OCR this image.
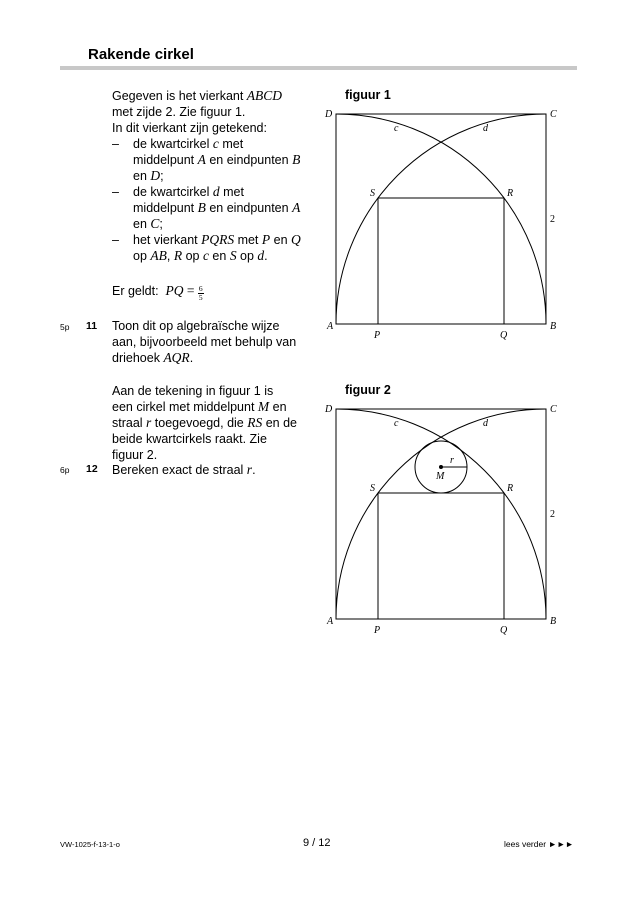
Rakende cirkel
Gegeven is het vierkant ABCD
met zijde 2. Zie figuur 1.
In dit vierkant zijn getekend:
–	de kwartcirkel c met
middelpunt A en eindpunten B
en D;
–	de kwartcirkel d met
middelpunt B en eindpunten A
en C;
–	het vierkant PQRS met P en Q
op AB, R op c en S op d.
Er geldt: PQ = $\frac{6}{5}$
5p 11 Toon dit op algebraïsche wijze
aan, bijvoorbeeld met behulp van
driehoek AQR.
Aan de tekening in figuur 1 is
een cirkel met middelpunt M en
straal r toegevoegd, die RS en de
beide kwartcirkels raakt. Zie
figuur 2.
6p 12 Bereken exact de straal r.
figuur 1
D	C
A	B
P	Q
R
S
c	d
2
figuur 2
D	C
A	B
P	Q
R
S
c	d
M
r
2
VW-1025-f-13-1-o	9 / 12	lees verder ►►►
